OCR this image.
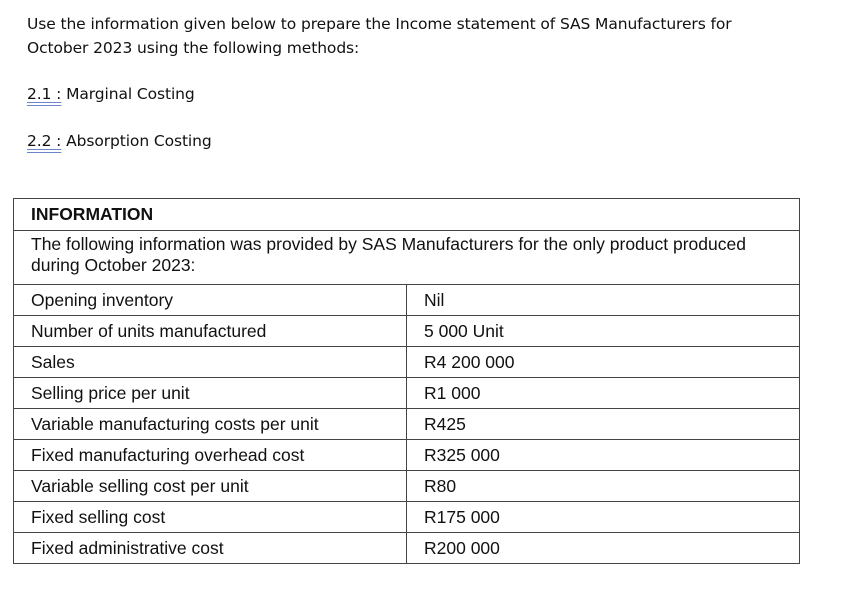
Use the information given below to prepare the Income statement of SAS Manufacturers for

October 2023 using the following methods:

2.1 : Marginal Costing
2.2 : Absorption Costing
INFORMATION	
The following information was provided by SAS Manufacturers for the only product produced during October 2023:	
Opening inventory	Nil
Number of units manufactured	5 000 Unit
Sales	R4 200 000
Selling price per unit	R1 000
Variable manufacturing costs per unit	R425
Fixed manufacturing overhead cost	R325 000
Variable selling cost per unit	R80
Fixed selling cost	R175 000
Fixed administrative cost	R200 000
